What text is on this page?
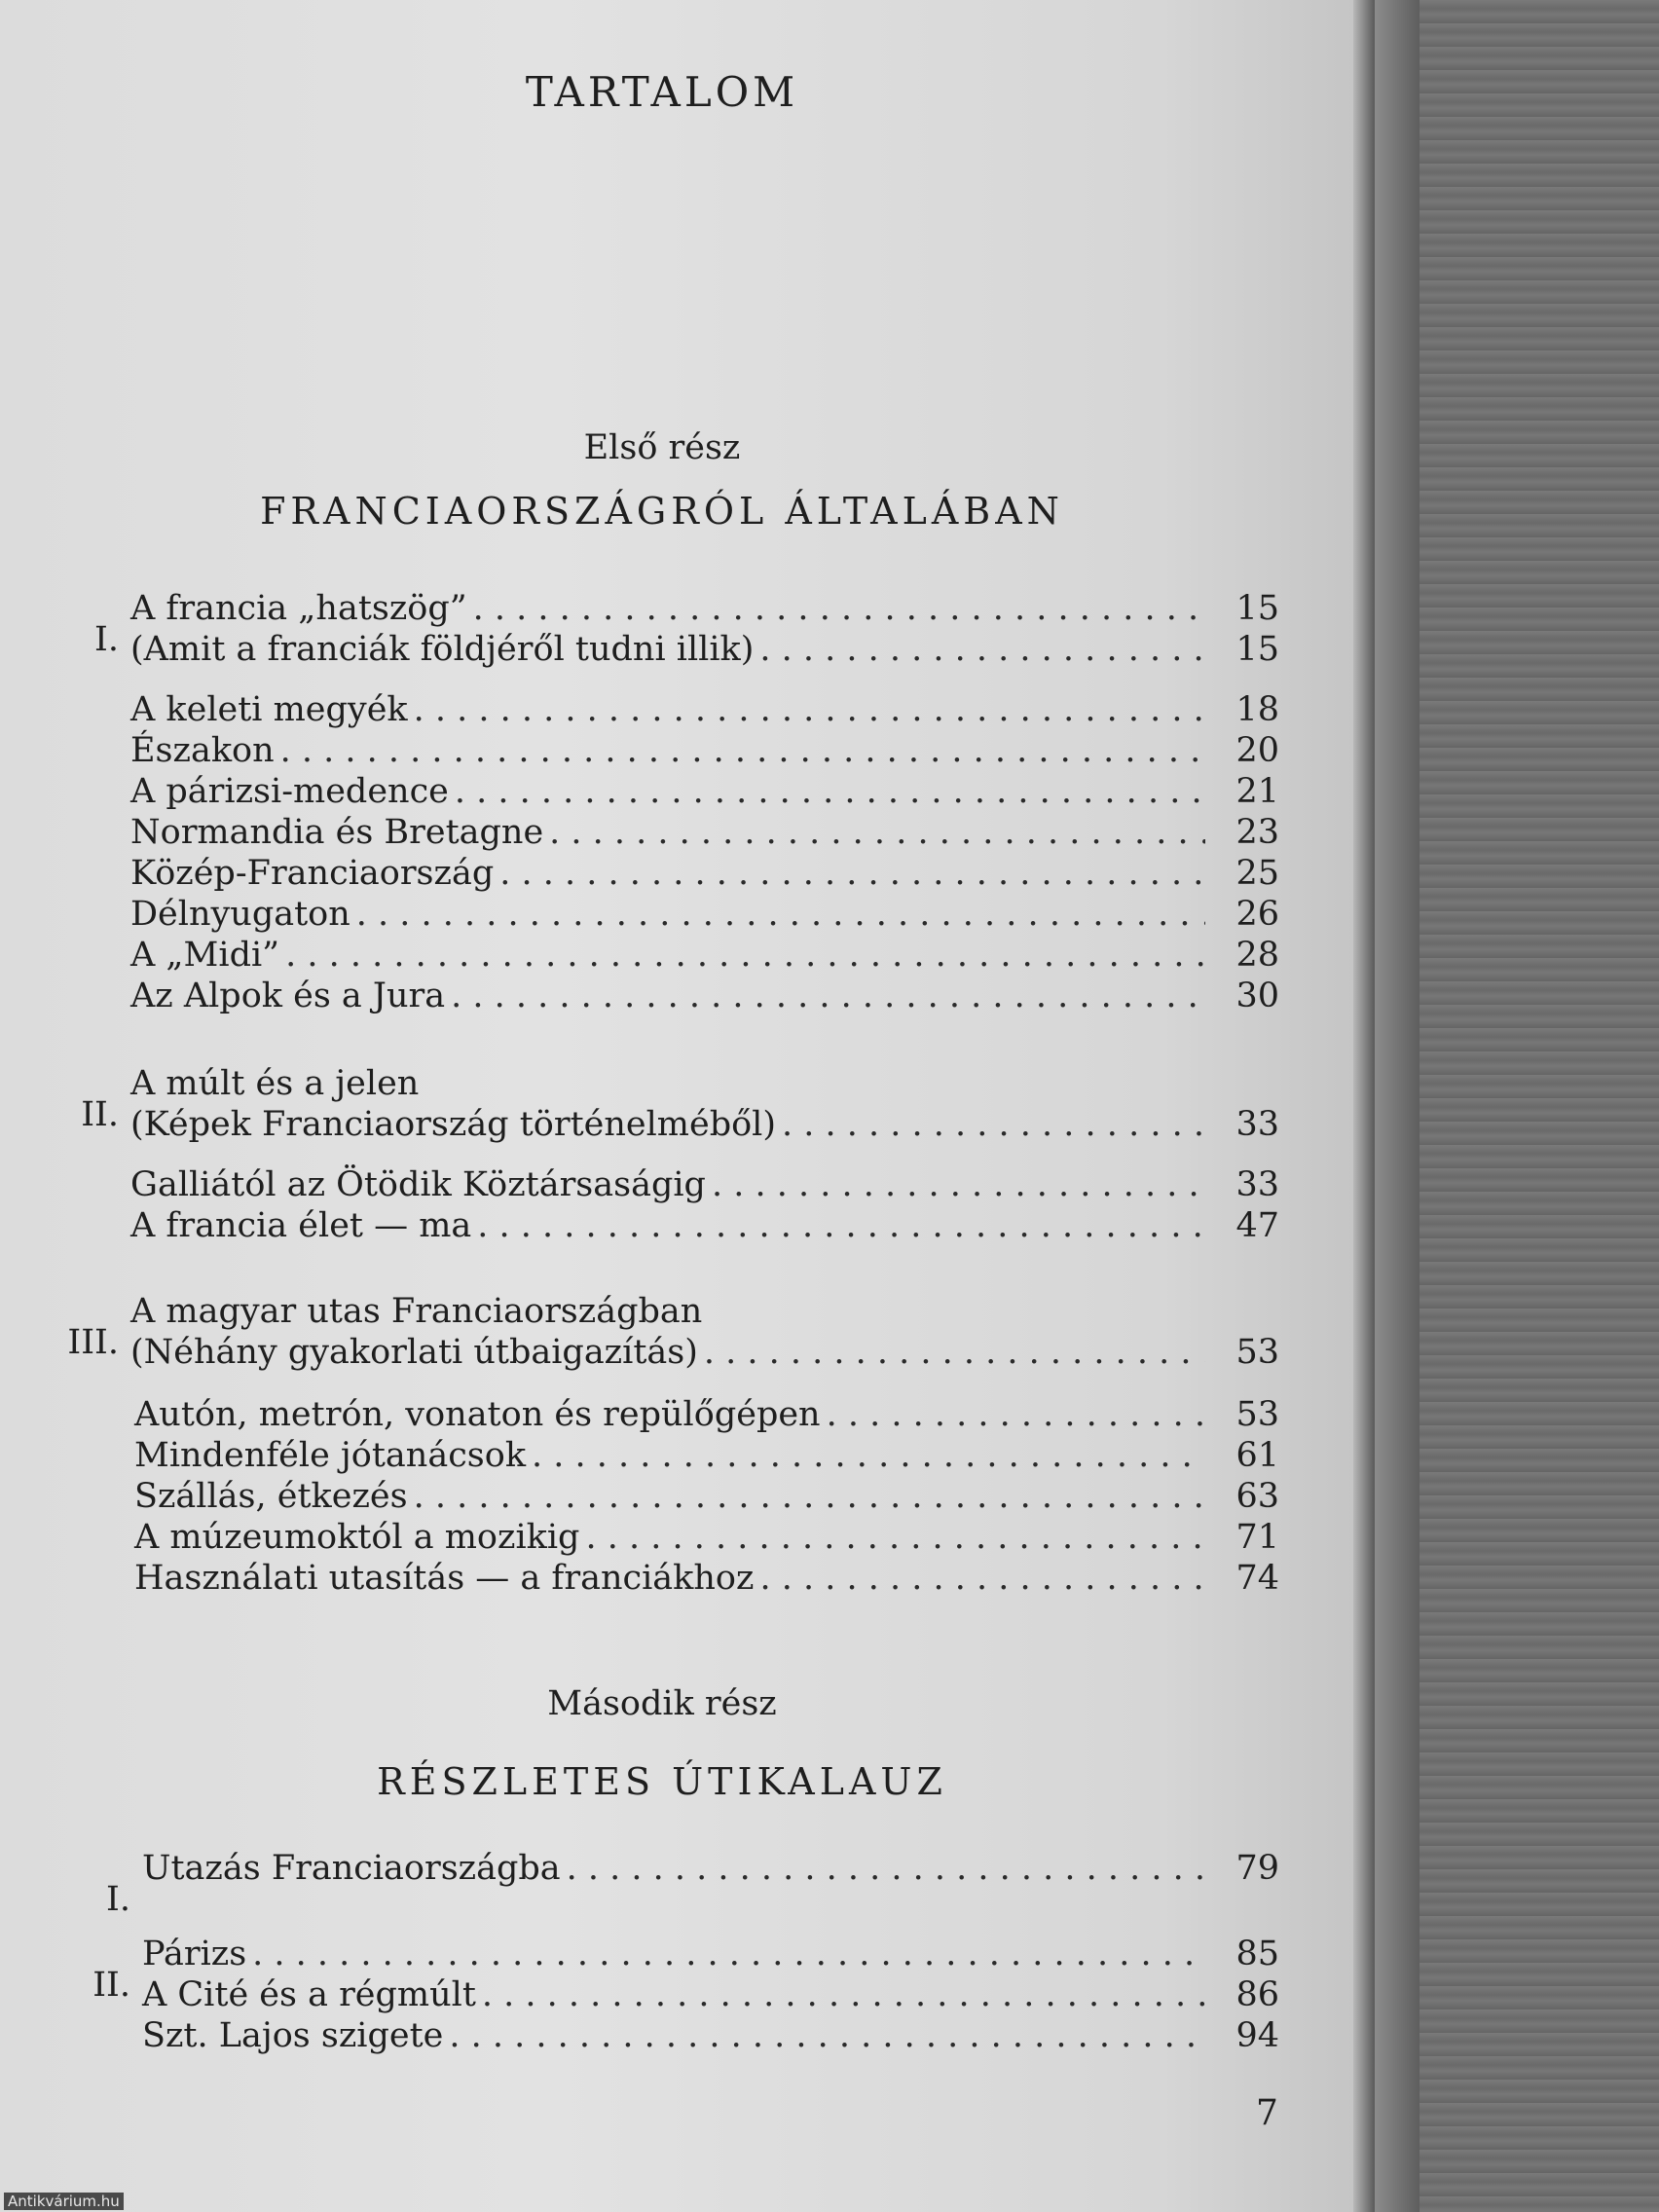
TARTALOM
Első rész
FRANCIAORSZÁGRÓL ÁLTALÁBAN
I.
A francia „hatszög” . . .	15
(Amit a franciák földjéről tudni illik) . . .	15
A keleti megyék . . .	18
Északon . . .	20
A párizsi-medence . . .	21
Normandia és Bretagne . . .	23
Közép-Franciaország . . .	25
Délnyugaton . . .	26
A „Midi” . . .	28
Az Alpok és a Jura . . .	30
II.
A múlt és a jelen
(Képek Franciaország történelméből) . . .	33
Galliától az Ötödik Köztársaságig . . .	33
A francia élet — ma . . .	47
III.
A magyar utas Franciaországban
(Néhány gyakorlati útbaigazítás) . . .	53
Autón, metrón, vonaton és repülőgépen . . .	53
Mindenféle jótanácsok . . .	61
Szállás, étkezés . . .	63
A múzeumoktól a mozikig . . .	71
Használati utasítás — a franciákhoz . . .	74
Második rész
RÉSZLETES ÚTIKALAUZ
I.
Utazás Franciaországba . . .	79
II.
Párizs . . .	85
A Cité és a régmúlt . . .	86
Szt. Lajos szigete . . .	94
7
Antikvárium.hu
